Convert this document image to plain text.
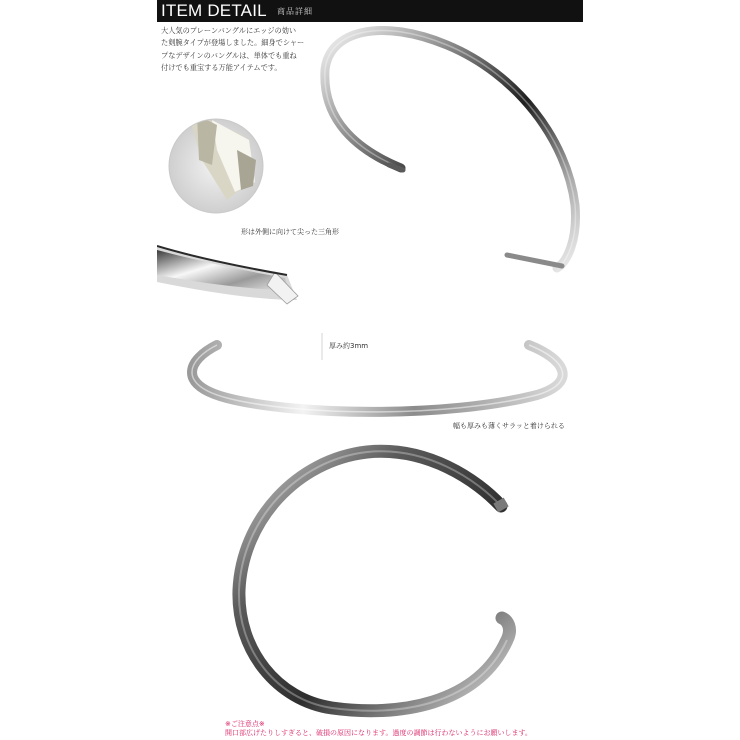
ITEM DETAIL 商品詳細
大人気のプレーンバングルにエッジの効い
た剣腕タイプが登場しました。細身でシャー
プなデザインのバングルは、単体でも重ね
付けでも重宝する万能アイテムです。
形は外側に向けて尖った三角形
厚み約3mm
幅も厚みも薄くサラッと着けられる
※ご注意点※
開口部広げたりしすぎると、破損の原因になります。過度の調節は行わないようにお願いします。
